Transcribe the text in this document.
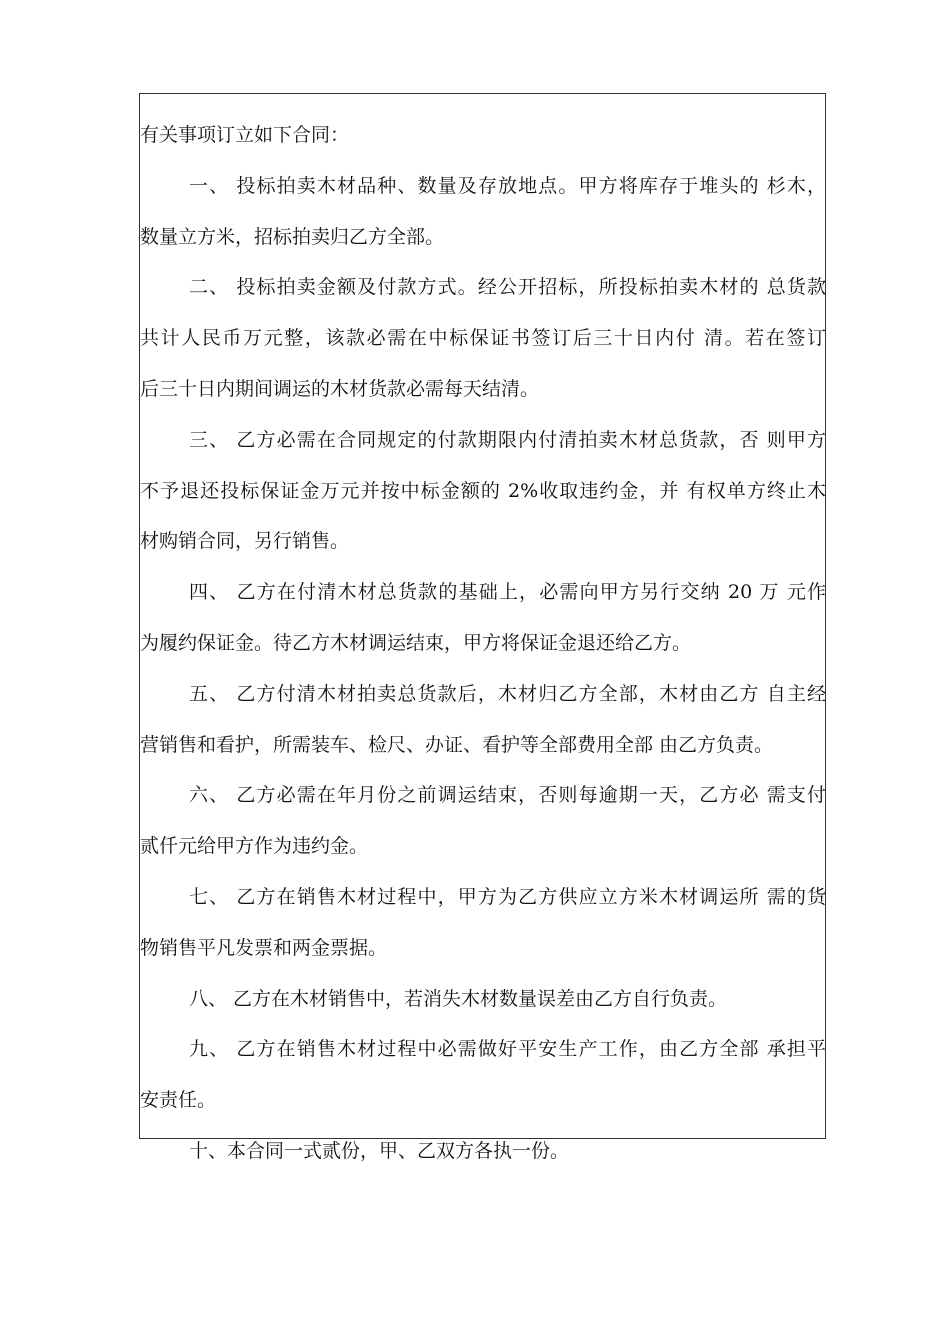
有关事项订立如下合同：
一、 投标拍卖木材品种、数量及存放地点。甲方将库存于堆头的 杉木，
数量立方米，招标拍卖归乙方全部。
二、 投标拍卖金额及付款方式。经公开招标，所投标拍卖木材的 总货款
共计人民币万元整，该款必需在中标保证书签订后三十日内付 清。若在签订
后三十日内期间调运的木材货款必需每天结清。
三、 乙方必需在合同规定的付款期限内付清拍卖木材总货款，否 则甲方
不予退还投标保证金万元并按中标金额的 2%收取违约金，并 有权单方终止木
材购销合同，另行销售。
四、 乙方在付清木材总货款的基础上，必需向甲方另行交纳 20 万 元作
为履约保证金。待乙方木材调运结束，甲方将保证金退还给乙方。
五、 乙方付清木材拍卖总货款后，木材归乙方全部，木材由乙方 自主经
营销售和看护，所需装车、检尺、办证、看护等全部费用全部 由乙方负责。
六、 乙方必需在年月份之前调运结束，否则每逾期一天，乙方必 需支付
贰仟元给甲方作为违约金。
七、 乙方在销售木材过程中，甲方为乙方供应立方米木材调运所 需的货
物销售平凡发票和两金票据。
八、 乙方在木材销售中，若消失木材数量误差由乙方自行负责。
九、 乙方在销售木材过程中必需做好平安生产工作，由乙方全部 承担平
安责任。
十、本合同一式贰份，甲、乙双方各执一份。
